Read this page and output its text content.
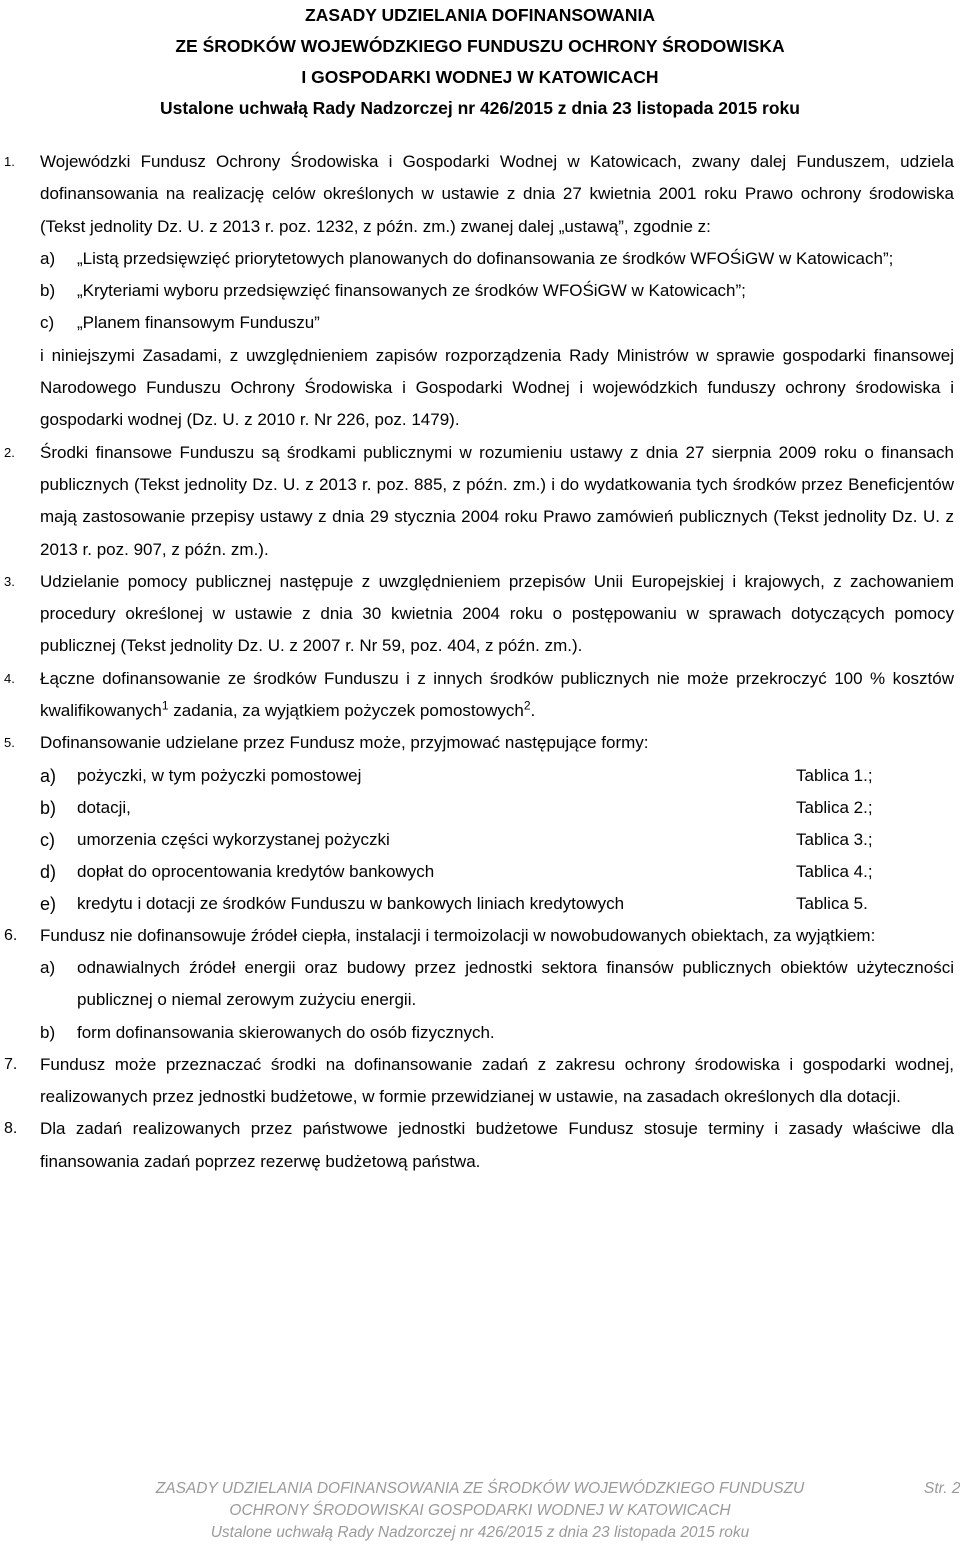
ZASADY UDZIELANIA DOFINANSOWANIA
ZE ŚRODKÓW WOJEWÓDZKIEGO FUNDUSZU OCHRONY ŚRODOWISKA
I GOSPODARKI WODNEJ W KATOWICACH
Ustalone uchwałą Rady Nadzorczej nr 426/2015 z dnia 23 listopada 2015 roku
1. Wojewódzki Fundusz Ochrony Środowiska i Gospodarki Wodnej w Katowicach, zwany dalej Funduszem, udziela dofinansowania na realizację celów określonych w ustawie z dnia 27 kwietnia 2001 roku Prawo ochrony środowiska (Tekst jednolity Dz. U. z 2013 r. poz. 1232, z późn. zm.) zwanej dalej „ustawą”, zgodnie z:
a) „Listą przedsięwzięć priorytetowych planowanych do dofinansowania ze środków WFOŚiGW w Katowicach”;
b) „Kryteriami wyboru przedsięwzięć finansowanych ze środków WFOŚiGW w Katowicach”;
c) „Planem finansowym Funduszu”
i niniejszymi Zasadami, z uwzględnieniem zapisów rozporządzenia Rady Ministrów w sprawie gospodarki finansowej Narodowego Funduszu Ochrony Środowiska i Gospodarki Wodnej i wojewódzkich funduszy ochrony środowiska i gospodarki wodnej (Dz. U. z 2010 r. Nr 226, poz. 1479).
2. Środki finansowe Funduszu są środkami publicznymi w rozumieniu ustawy z dnia 27 sierpnia 2009 roku o finansach publicznych (Tekst jednolity Dz. U. z 2013 r. poz. 885, z późn. zm.) i do wydatkowania tych środków przez Beneficjentów mają zastosowanie przepisy ustawy z dnia 29 stycznia 2004 roku Prawo zamówień publicznych (Tekst jednolity Dz. U. z 2013 r. poz. 907, z późn. zm.).
3. Udzielanie pomocy publicznej następuje z uwzględnieniem przepisów Unii Europejskiej i krajowych, z zachowaniem procedury określonej w ustawie z dnia 30 kwietnia 2004 roku o postępowaniu w sprawach dotyczących pomocy publicznej (Tekst jednolity Dz. U. z 2007 r. Nr 59, poz. 404, z późn. zm.).
4. Łączne dofinansowanie ze środków Funduszu i z innych środków publicznych nie może przekroczyć 100 % kosztów kwalifikowanych$^1$ zadania, za wyjątkiem pożyczek pomostowych$^2$.
5. Dofinansowanie udzielane przez Fundusz może, przyjmować następujące formy:
a) pożyczki, w tym pożyczki pomostowej	Tablica 1.;
b) dotacji,	Tablica 2.;
c) umorzenia części wykorzystanej pożyczki	Tablica 3.;
d) dopłat do oprocentowania kredytów bankowych	Tablica 4.;
e) kredytu i dotacji ze środków Funduszu w bankowych liniach kredytowych	Tablica 5.
6. Fundusz nie dofinansowuje źródeł ciepła, instalacji i termoizolacji w nowobudowanych obiektach, za wyjątkiem:
a) odnawialnych źródeł energii oraz budowy przez jednostki sektora finansów publicznych obiektów użyteczności publicznej o niemal zerowym zużyciu energii.
b) form dofinansowania skierowanych do osób fizycznych.
7. Fundusz może przeznaczać środki na dofinansowanie zadań z zakresu ochrony środowiska i gospodarki wodnej, realizowanych przez jednostki budżetowe, w formie przewidzianej w ustawie, na zasadach określonych dla dotacji.
8. Dla zadań realizowanych przez państwowe jednostki budżetowe Fundusz stosuje terminy i zasady właściwe dla finansowania zadań poprzez rezerwę budżetową państwa.
ZASADY UDZIELANIA DOFINANSOWANIA ZE ŚRODKÓW WOJEWÓDZKIEGO FUNDUSZU	Str. 2
OCHRONY ŚRODOWISKAI GOSPODARKI WODNEJ W KATOWICACH
Ustalone uchwałą Rady Nadzorczej nr 426/2015 z dnia 23 listopada 2015 roku
